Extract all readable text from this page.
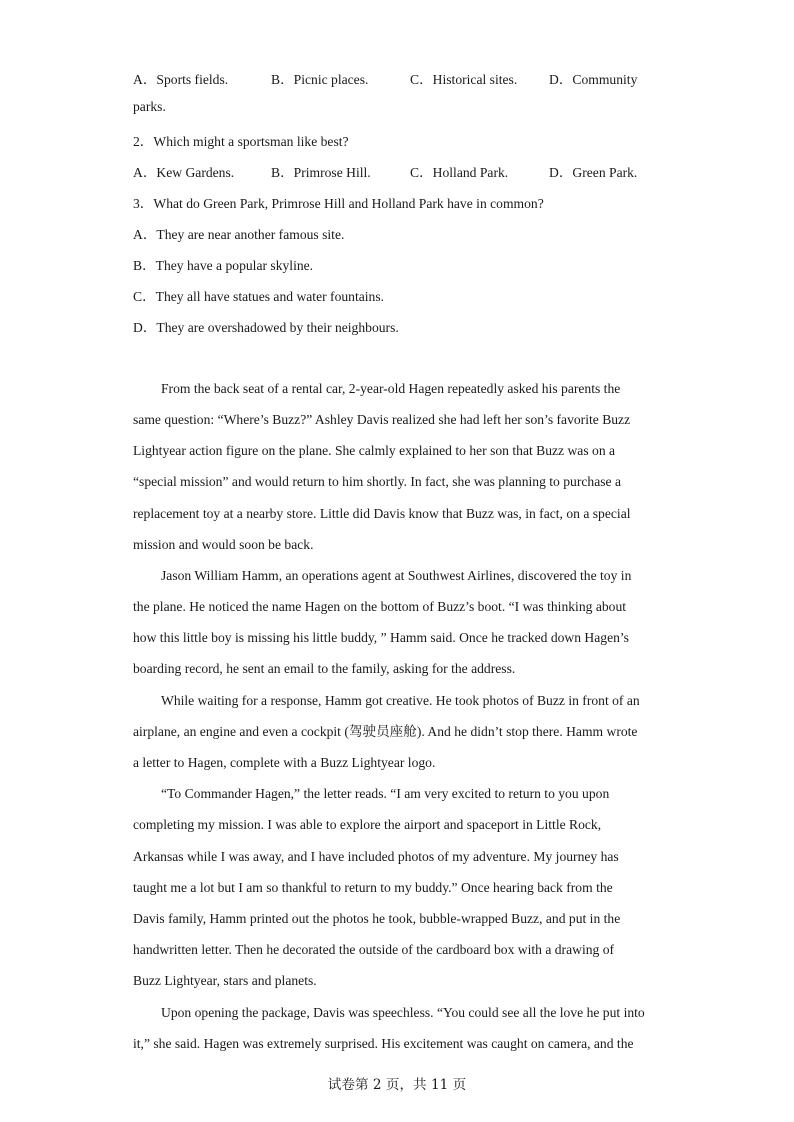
A．Sports fields.	B．Picnic places.	C．Historical sites. D．Community
parks.
2．Which might a sportsman like best?
A．Kew Gardens.	B．Primrose Hill.	C．Holland Park.	D．Green Park.
3．What do Green Park, Primrose Hill and Holland Park have in common?
A．They are near another famous site.
B．They have a popular skyline.
C．They all have statues and water fountains.
D．They are overshadowed by their neighbours.
From the back seat of a rental car, 2-year-old Hagen repeatedly asked his parents the
same question: “Where’s Buzz?” Ashley Davis realized she had left her son’s favorite Buzz
Lightyear action figure on the plane. She calmly explained to her son that Buzz was on a
“special mission” and would return to him shortly. In fact, she was planning to purchase a
replacement toy at a nearby store. Little did Davis know that Buzz was, in fact, on a special
mission and would soon be back.
Jason William Hamm, an operations agent at Southwest Airlines, discovered the toy in
the plane. He noticed the name Hagen on the bottom of Buzz’s boot. “I was thinking about
how this little boy is missing his little buddy, ” Hamm said. Once he tracked down Hagen’s
boarding record, he sent an email to the family, asking for the address.
While waiting for a response, Hamm got creative. He took photos of Buzz in front of an
airplane, an engine and even a cockpit (驾驶员座舱). And he didn’t stop there. Hamm wrote
a letter to Hagen, complete with a Buzz Lightyear logo.
“To Commander Hagen,” the letter reads. “I am very excited to return to you upon
completing my mission. I was able to explore the airport and spaceport in Little Rock,
Arkansas while I was away, and I have included photos of my adventure. My journey has
taught me a lot but I am so thankful to return to my buddy.” Once hearing back from the
Davis family, Hamm printed out the photos he took, bubble-wrapped Buzz, and put in the
handwritten letter. Then he decorated the outside of the cardboard box with a drawing of
Buzz Lightyear, stars and planets.
Upon opening the package, Davis was speechless. “You could see all the love he put into
it,” she said. Hagen was extremely surprised. His excitement was caught on camera, and the
试卷第 2 页，共 11 页
